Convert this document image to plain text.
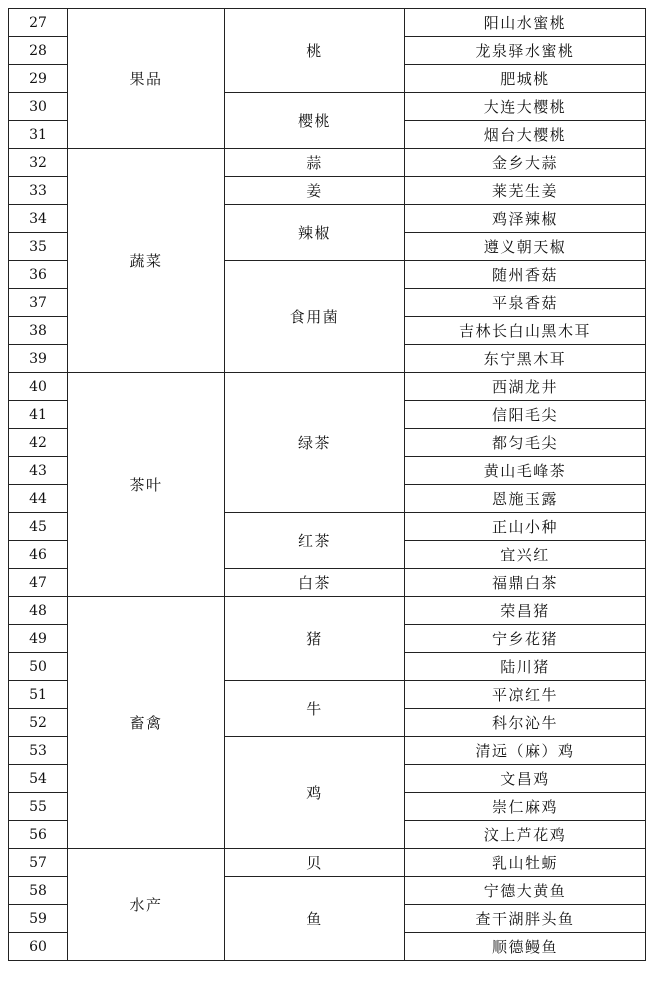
27	果品	桃	阳山水蜜桃
28			龙泉驿水蜜桃
29			肥城桃
30		樱桃	大连大樱桃
31			烟台大樱桃
32	蔬菜	蒜	金乡大蒜
33		姜	莱芜生姜
34		辣椒	鸡泽辣椒
35			遵义朝天椒
36		食用菌	随州香菇
37			平泉香菇
38			吉林长白山黑木耳
39			东宁黑木耳
40	茶叶	绿茶	西湖龙井
41			信阳毛尖
42			都匀毛尖
43			黄山毛峰茶
44			恩施玉露
45		红茶	正山小种
46			宜兴红
47		白茶	福鼎白茶
48	畜禽	猪	荣昌猪
49			宁乡花猪
50			陆川猪
51		牛	平凉红牛
52			科尔沁牛
53		鸡	清远（麻）鸡
54			文昌鸡
55			崇仁麻鸡
56			汶上芦花鸡
57	水产	贝	乳山牡蛎
58		鱼	宁德大黄鱼
59			查干湖胖头鱼
60			顺德鳗鱼
